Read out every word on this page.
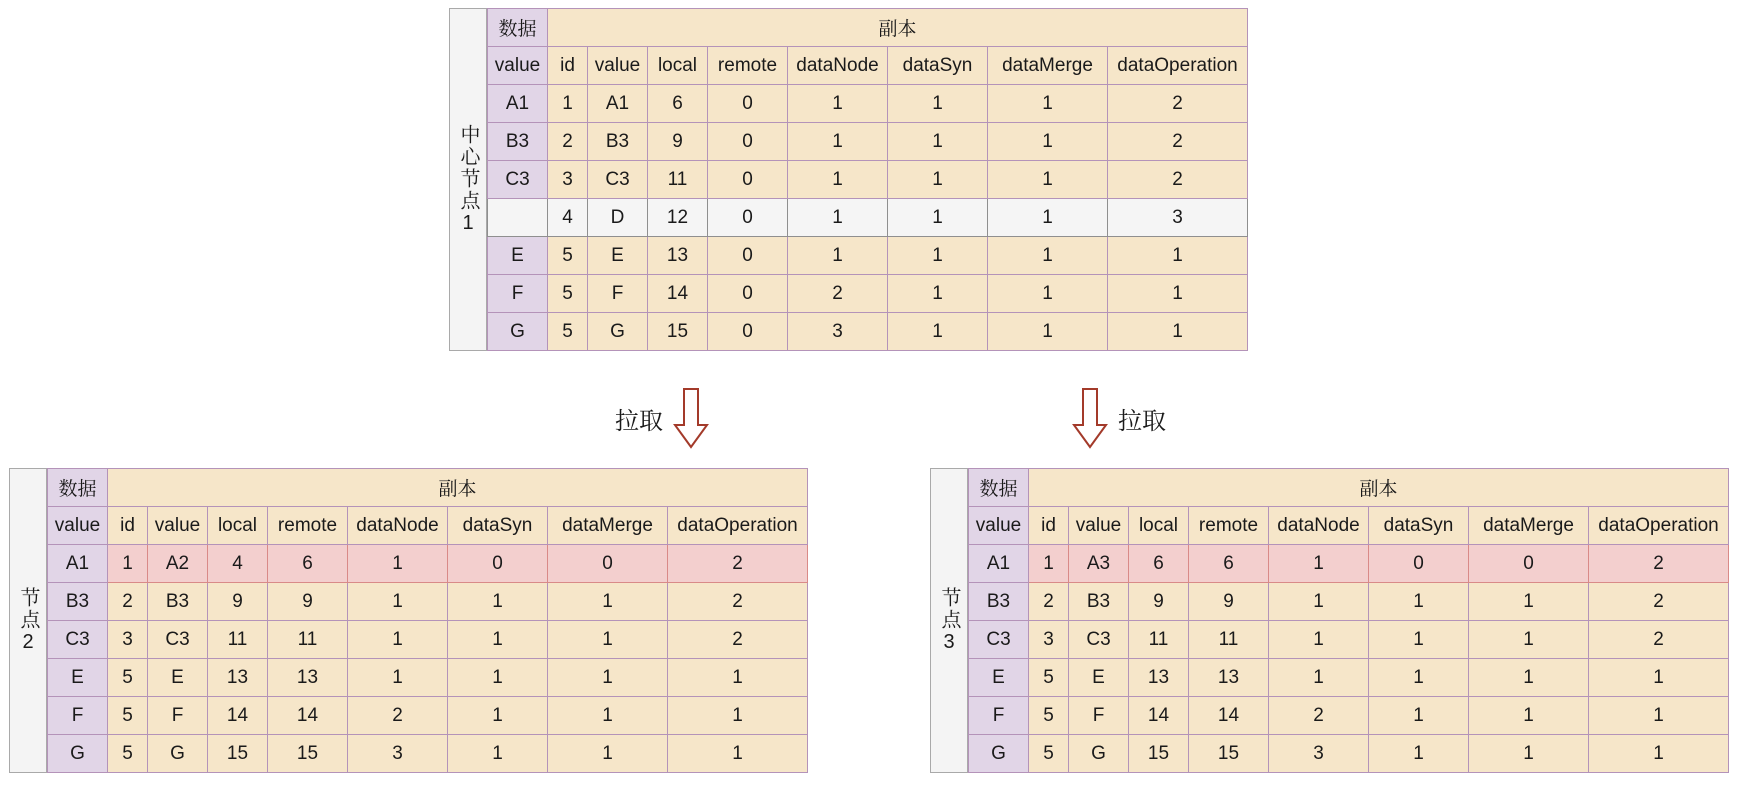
中心节点1
数据	副本							
value	id	value	local	remote	dataNode	dataSyn	dataMerge	dataOperation
A1	1	A1	6	0	1	1	1	2
B3	2	B3	9	0	1	1	1	2
C3	3	C3	11	0	1	1	1	2
	4	D	12	0	1	1	1	3
E	5	E	13	0	1	1	1	1
F	5	F	14	0	2	1	1	1
G	5	G	15	0	3	1	1	1
拉取	拉取
节点2
数据	副本							
value	id	value	local	remote	dataNode	dataSyn	dataMerge	dataOperation
A1	1	A2	4	6	1	0	0	2
B3	2	B3	9	9	1	1	1	2
C3	3	C3	11	11	1	1	1	2
E	5	E	13	13	1	1	1	1
F	5	F	14	14	2	1	1	1
G	5	G	15	15	3	1	1	1
节点3
数据	副本							
value	id	value	local	remote	dataNode	dataSyn	dataMerge	dataOperation
A1	1	A3	6	6	1	0	0	2
B3	2	B3	9	9	1	1	1	2
C3	3	C3	11	11	1	1	1	2
E	5	E	13	13	1	1	1	1
F	5	F	14	14	2	1	1	1
G	5	G	15	15	3	1	1	1
